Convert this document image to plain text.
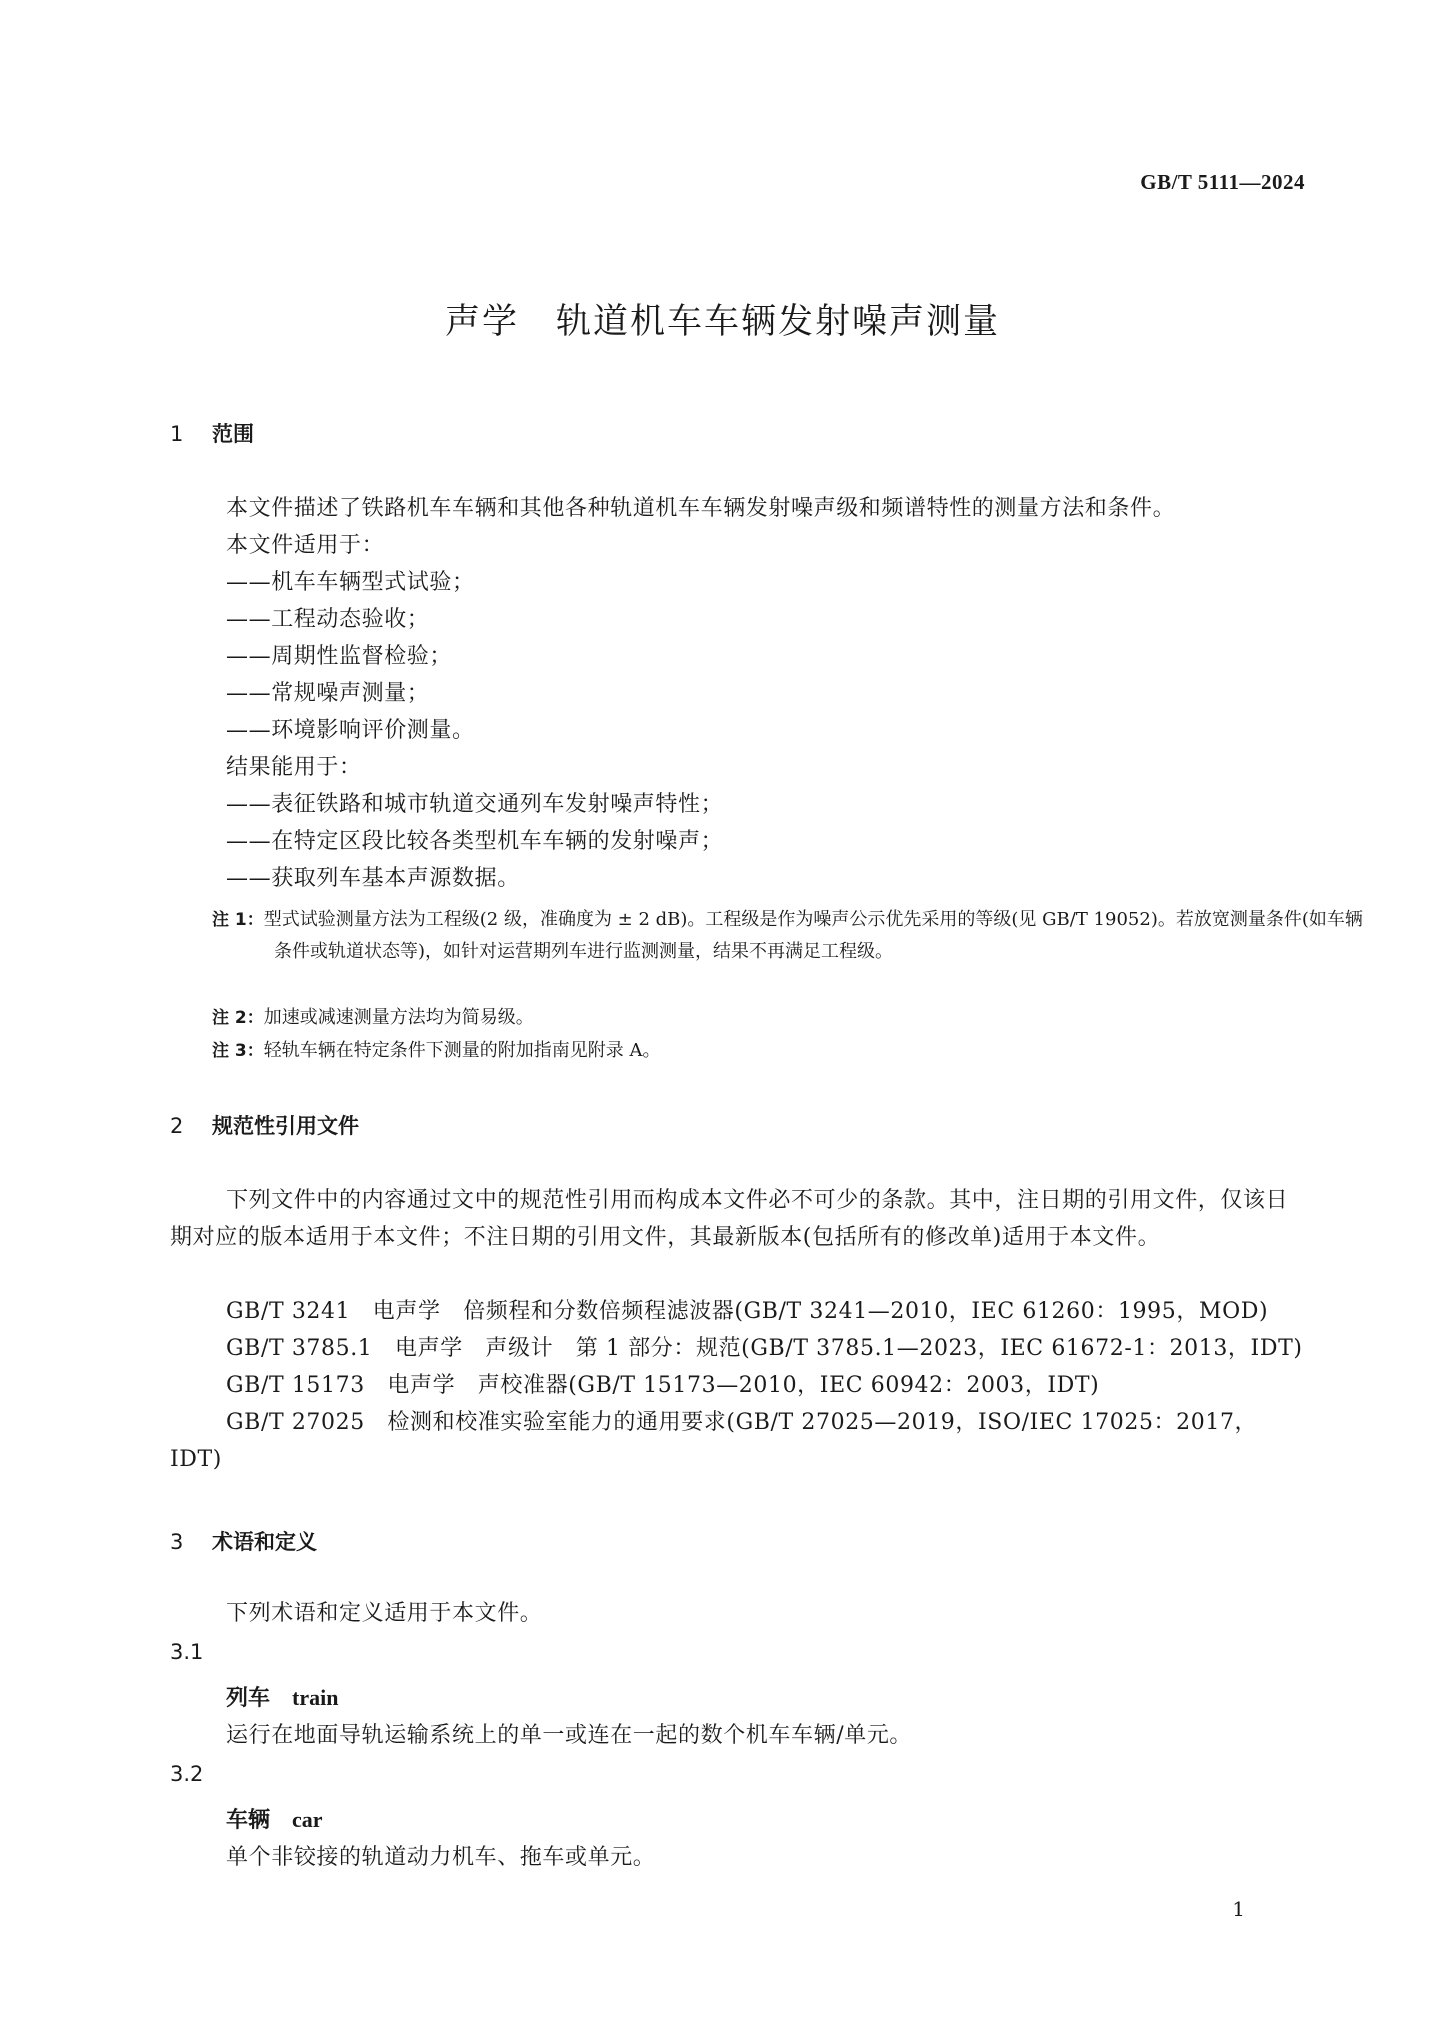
GB/T 5111—2024
声学　轨道机车车辆发射噪声测量
1 范围
本文件描述了铁路机车车辆和其他各种轨道机车车辆发射噪声级和频谱特性的测量方法和条件。
本文件适用于：
——机车车辆型式试验；
——工程动态验收；
——周期性监督检验；
——常规噪声测量；
——环境影响评价测量。
结果能用于：
——表征铁路和城市轨道交通列车发射噪声特性；
——在特定区段比较各类型机车车辆的发射噪声；
——获取列车基本声源数据。
注 1：型式试验测量方法为工程级(2 级，准确度为 ± 2 dB)。工程级是作为噪声公示优先采用的等级(见 GB/T 19052)。若放宽测量条件(如车辆条件或轨道状态等)，如针对运营期列车进行监测测量，结果不再满足工程级。
注 2：加速或减速测量方法均为简易级。
注 3：轻轨车辆在特定条件下测量的附加指南见附录 A。
2 规范性引用文件
下列文件中的内容通过文中的规范性引用而构成本文件必不可少的条款。其中，注日期的引用文件，仅该日期对应的版本适用于本文件；不注日期的引用文件，其最新版本(包括所有的修改单)适用于本文件。
GB/T 3241　电声学　倍频程和分数倍频程滤波器(GB/T 3241—2010，IEC 61260：1995，MOD)
GB/T 3785.1　电声学　声级计　第 1 部分：规范(GB/T 3785.1—2023，IEC 61672-1：2013，IDT)
GB/T 15173　电声学　声校准器(GB/T 15173—2010，IEC 60942：2003，IDT)
GB/T 27025　检测和校准实验室能力的通用要求(GB/T 27025—2019，ISO/IEC 17025：2017，IDT)
3 术语和定义
下列术语和定义适用于本文件。
3.1
列车 train
运行在地面导轨运输系统上的单一或连在一起的数个机车车辆/单元。
3.2
车辆 car
单个非铰接的轨道动力机车、拖车或单元。
1
